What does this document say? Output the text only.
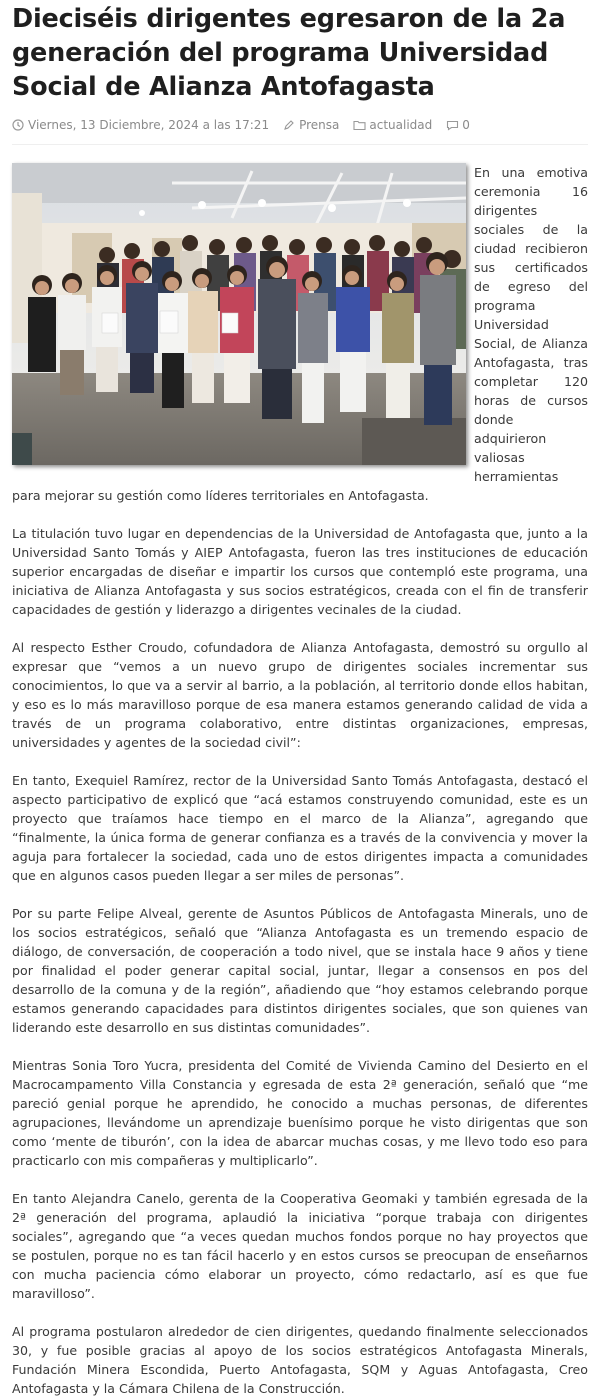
Dieciséis dirigentes egresaron de la 2a generación del programa Universidad Social de Alianza Antofagasta
Viernes, 13 Diciembre, 2024 a las 17:21	Prensa	actualidad	0

En una emotiva ceremonia 16 dirigentes sociales de la ciudad recibieron sus certificados de egreso del programa Universidad Social, de Alianza Antofagasta, tras completar 120 horas de cursos donde adquirieron valiosas herramientas para mejorar su gestión como líderes territoriales en Antofagasta.

La titulación tuvo lugar en dependencias de la Universidad de Antofagasta que, junto a la Universidad Santo Tomás y AIEP Antofagasta, fueron las tres instituciones de educación superior encargadas de diseñar e impartir los cursos que contempló este programa, una iniciativa de Alianza Antofagasta y sus socios estratégicos, creada con el fin de transferir capacidades de gestión y liderazgo a dirigentes vecinales de la ciudad.

Al respecto Esther Croudo, cofundadora de Alianza Antofagasta, demostró su orgullo al expresar que “vemos a un nuevo grupo de dirigentes sociales incrementar sus conocimientos, lo que va a servir al barrio, a la población, al territorio donde ellos habitan, y eso es lo más maravilloso porque de esa manera estamos generando calidad de vida a través de un programa colaborativo, entre distintas organizaciones, empresas, universidades y agentes de la sociedad civil”:

En tanto, Exequiel Ramírez, rector de la Universidad Santo Tomás Antofagasta, destacó el aspecto participativo de explicó que “acá estamos construyendo comunidad, este es un proyecto que traíamos hace tiempo en el marco de la Alianza”, agregando que “finalmente, la única forma de generar confianza es a través de la convivencia y mover la aguja para fortalecer la sociedad, cada uno de estos dirigentes impacta a comunidades que en algunos casos pueden llegar a ser miles de personas”.

Por su parte Felipe Alveal, gerente de Asuntos Públicos de Antofagasta Minerals, uno de los socios estratégicos, señaló que “Alianza Antofagasta es un tremendo espacio de diálogo, de conversación, de cooperación a todo nivel, que se instala hace 9 años y tiene por finalidad el poder generar capital social, juntar, llegar a consensos en pos del desarrollo de la comuna y de la región”, añadiendo que “hoy estamos celebrando porque estamos generando capacidades para distintos dirigentes sociales, que son quienes van liderando este desarrollo en sus distintas comunidades”.

Mientras Sonia Toro Yucra, presidenta del Comité de Vivienda Camino del Desierto en el Macrocampamento Villa Constancia y egresada de esta 2ª generación, señaló que “me pareció genial porque he aprendido, he conocido a muchas personas, de diferentes agrupaciones, llevándome un aprendizaje buenísimo porque he visto dirigentas que son como ‘mente de tiburón’, con la idea de abarcar muchas cosas, y me llevo todo eso para practicarlo con mis compañeras y multiplicarlo”.

En tanto Alejandra Canelo, gerenta de la Cooperativa Geomaki y también egresada de la 2ª generación del programa, aplaudió la iniciativa “porque trabaja con dirigentes sociales”, agregando que “a veces quedan muchos fondos porque no hay proyectos que se postulen, porque no es tan fácil hacerlo y en estos cursos se preocupan de enseñarnos con mucha paciencia cómo elaborar un proyecto, cómo redactarlo, así es que fue maravilloso”.

Al programa postularon alrededor de cien dirigentes, quedando finalmente seleccionados 30, y fue posible gracias al apoyo de los socios estratégicos Antofagasta Minerals, Fundación Minera Escondida, Puerto Antofagasta, SQM y Aguas Antofagasta, Creo Antofagasta y la Cámara Chilena de la Construcción.
